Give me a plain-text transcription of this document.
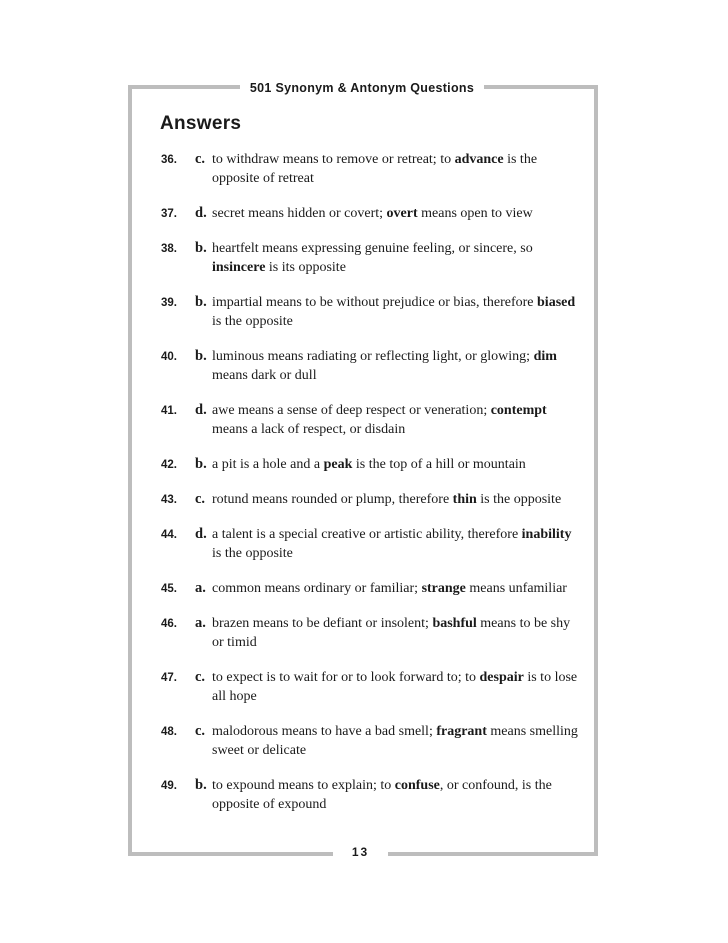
501 Synonym & Antonym Questions
Answers
36. c. to withdraw means to remove or retreat; to advance is the opposite of retreat
37. d. secret means hidden or covert; overt means open to view
38. b. heartfelt means expressing genuine feeling, or sincere, so insincere is its opposite
39. b. impartial means to be without prejudice or bias, therefore biased is the opposite
40. b. luminous means radiating or reflecting light, or glowing; dim means dark or dull
41. d. awe means a sense of deep respect or veneration; contempt means a lack of respect, or disdain
42. b. a pit is a hole and a peak is the top of a hill or mountain
43. c. rotund means rounded or plump, therefore thin is the opposite
44. d. a talent is a special creative or artistic ability, therefore inability is the opposite
45. a. common means ordinary or familiar; strange means unfamiliar
46. a. brazen means to be defiant or insolent; bashful means to be shy or timid
47. c. to expect is to wait for or to look forward to; to despair is to lose all hope
48. c. malodorous means to have a bad smell; fragrant means smelling sweet or delicate
49. b. to expound means to explain; to confuse, or confound, is the opposite of expound
13
